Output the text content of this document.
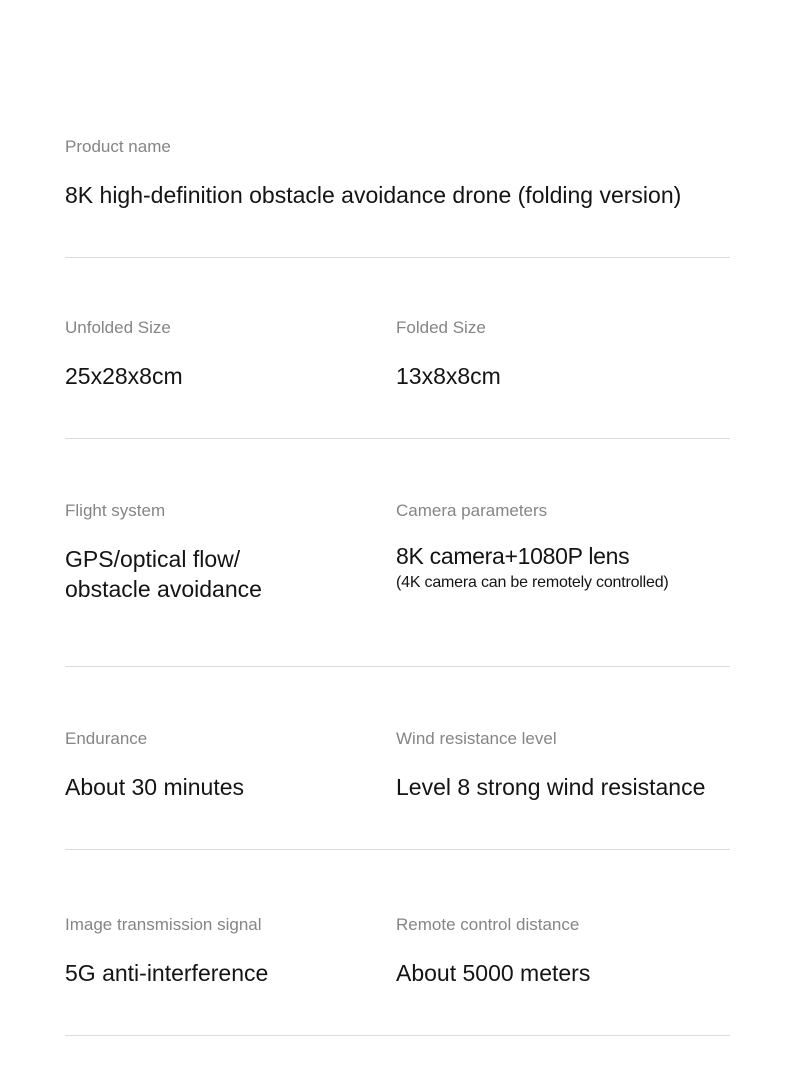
Product name
8K high-definition obstacle avoidance drone (folding version)
Unfolded Size
25x28x8cm
Folded Size
13x8x8cm
Flight system
GPS/optical flow/
obstacle avoidance
Camera parameters
8K camera+1080P lens
(4K camera can be remotely controlled)
Endurance
About 30 minutes
Wind resistance level
Level 8 strong wind resistance
Image transmission signal
5G anti-interference
Remote control distance
About 5000 meters
